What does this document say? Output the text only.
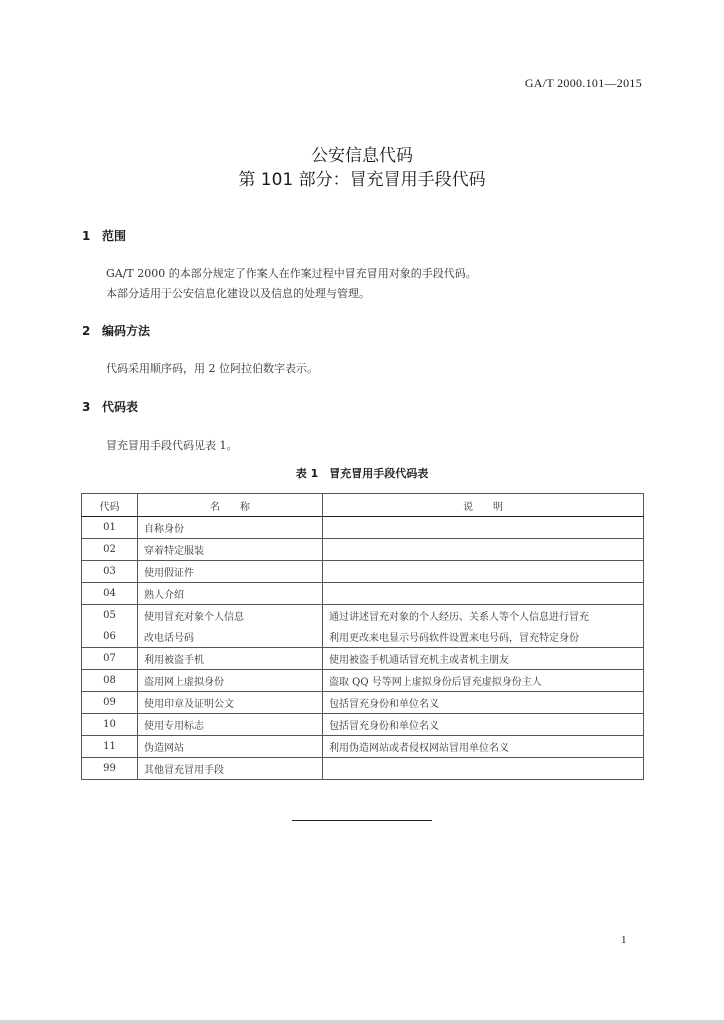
GA/T 2000.101—2015
公安信息代码
第 101 部分：冒充冒用手段代码
1 范围
GA/T 2000 的本部分规定了作案人在作案过程中冒充冒用对象的手段代码。
本部分适用于公安信息化建设以及信息的处理与管理。
2 编码方法
代码采用顺序码，用 2 位阿拉伯数字表示。
3 代码表
冒充冒用手段代码见表 1。
表 1　冒充冒用手段代码表
代码	名　　称	说　　明
01	自称身份	
02	穿着特定服装	
03	使用假证件	
04	熟人介绍	
05	使用冒充对象个人信息	通过讲述冒充对象的个人经历、关系人等个人信息进行冒充
06	改电话号码	利用更改来电显示号码软件设置来电号码，冒充特定身份
07	利用被盗手机	使用被盗手机通话冒充机主或者机主朋友
08	盗用网上虚拟身份	盗取 QQ 号等网上虚拟身份后冒充虚拟身份主人
09	使用印章及证明公文	包括冒充身份和单位名义
10	使用专用标志	包括冒充身份和单位名义
11	伪造网站	利用伪造网站或者侵权网站冒用单位名义
99	其他冒充冒用手段	
1
